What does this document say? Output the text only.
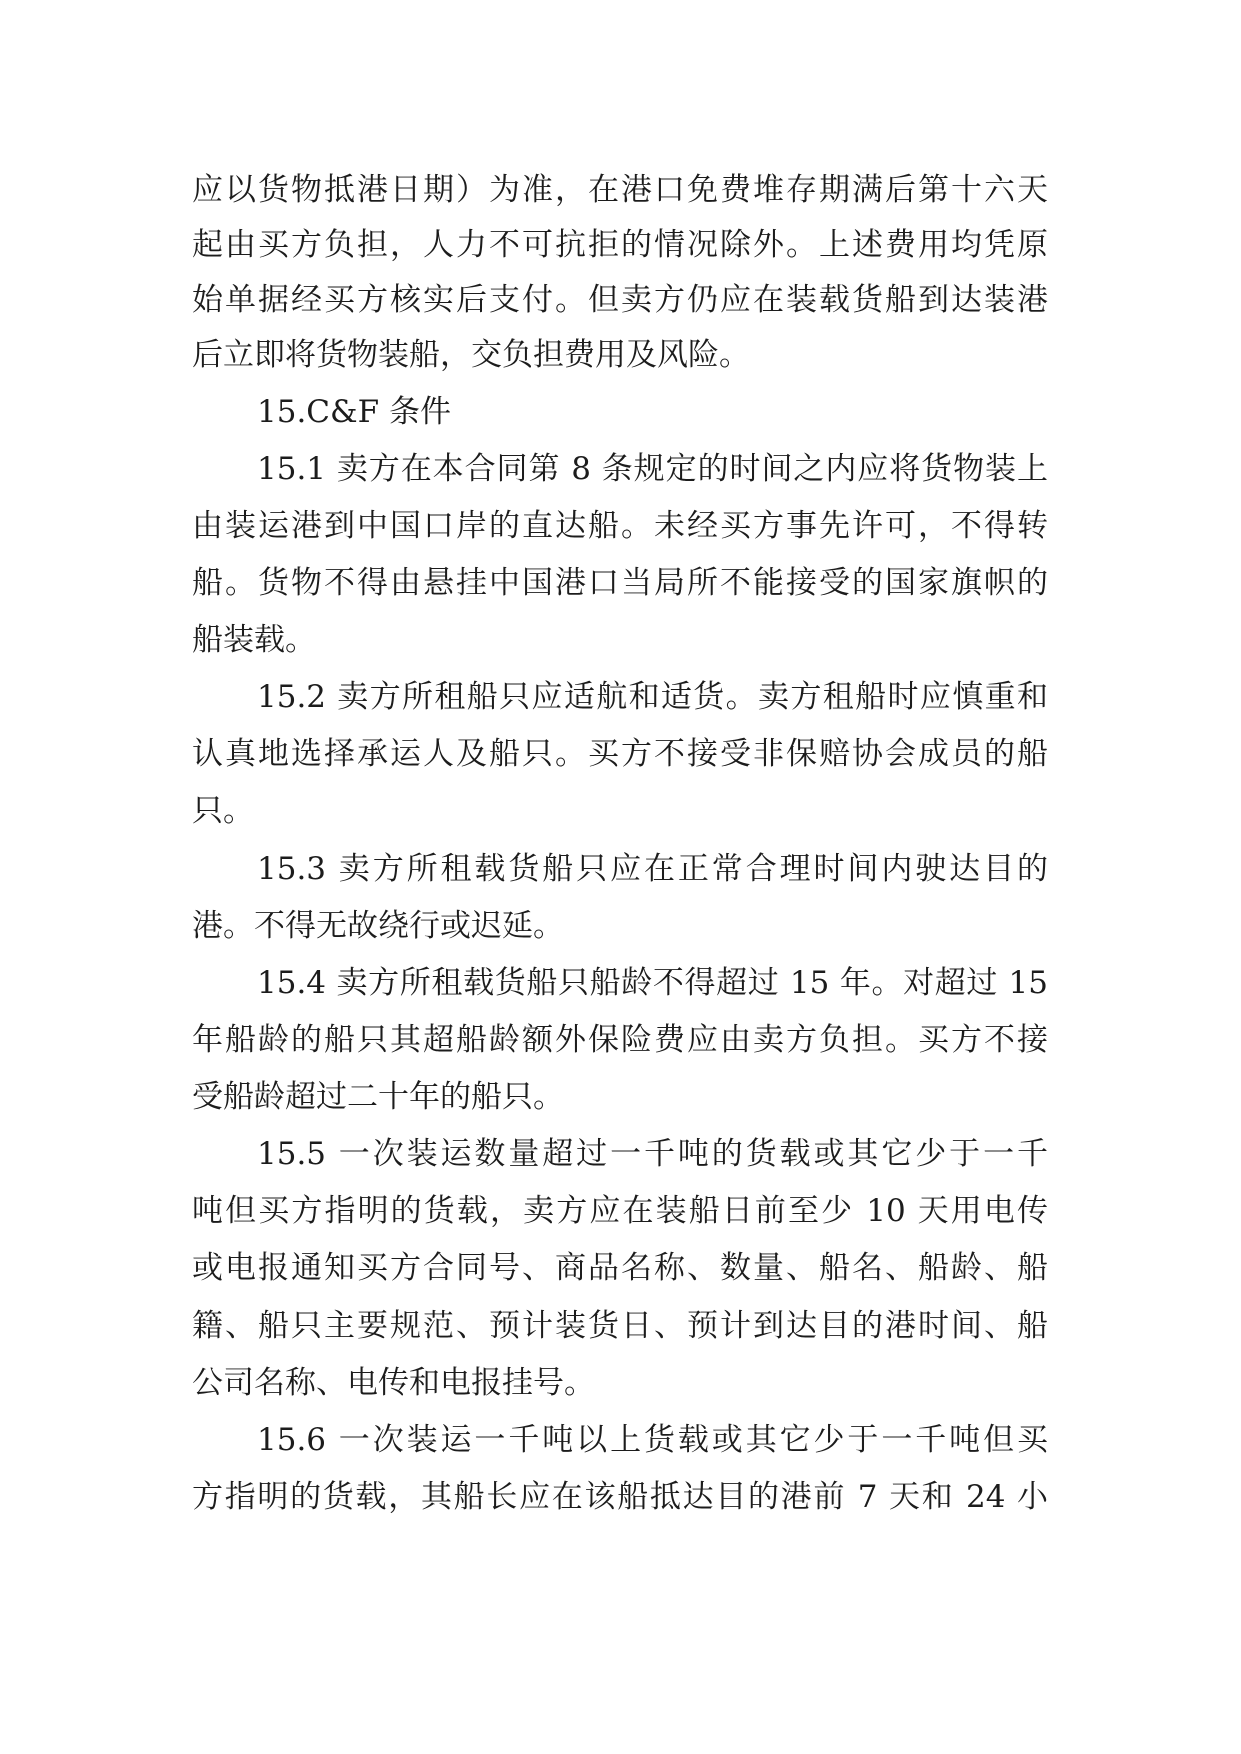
应以货物抵港日期）为准，在港口免费堆存期满后第十六天
起由买方负担，人力不可抗拒的情况除外。上述费用均凭原
始单据经买方核实后支付。但卖方仍应在装载货船到达装港
后立即将货物装船，交负担费用及风险。
15.C&F 条件
15.1 卖方在本合同第 8 条规定的时间之内应将货物装上
由装运港到中国口岸的直达船。未经买方事先许可，不得转
船。货物不得由悬挂中国港口当局所不能接受的国家旗帜的
船装载。
15.2 卖方所租船只应适航和适货。卖方租船时应慎重和
认真地选择承运人及船只。买方不接受非保赔协会成员的船
只。
15.3 卖方所租载货船只应在正常合理时间内驶达目的
港。不得无故绕行或迟延。
15.4 卖方所租载货船只船龄不得超过 15 年。对超过 15
年船龄的船只其超船龄额外保险费应由卖方负担。买方不接
受船龄超过二十年的船只。
15.5 一次装运数量超过一千吨的货载或其它少于一千
吨但买方指明的货载，卖方应在装船日前至少 10 天用电传
或电报通知买方合同号、商品名称、数量、船名、船龄、船
籍、船只主要规范、预计装货日、预计到达目的港时间、船
公司名称、电传和电报挂号。
15.6 一次装运一千吨以上货载或其它少于一千吨但买
方指明的货载，其船长应在该船抵达目的港前 7 天和 24 小
